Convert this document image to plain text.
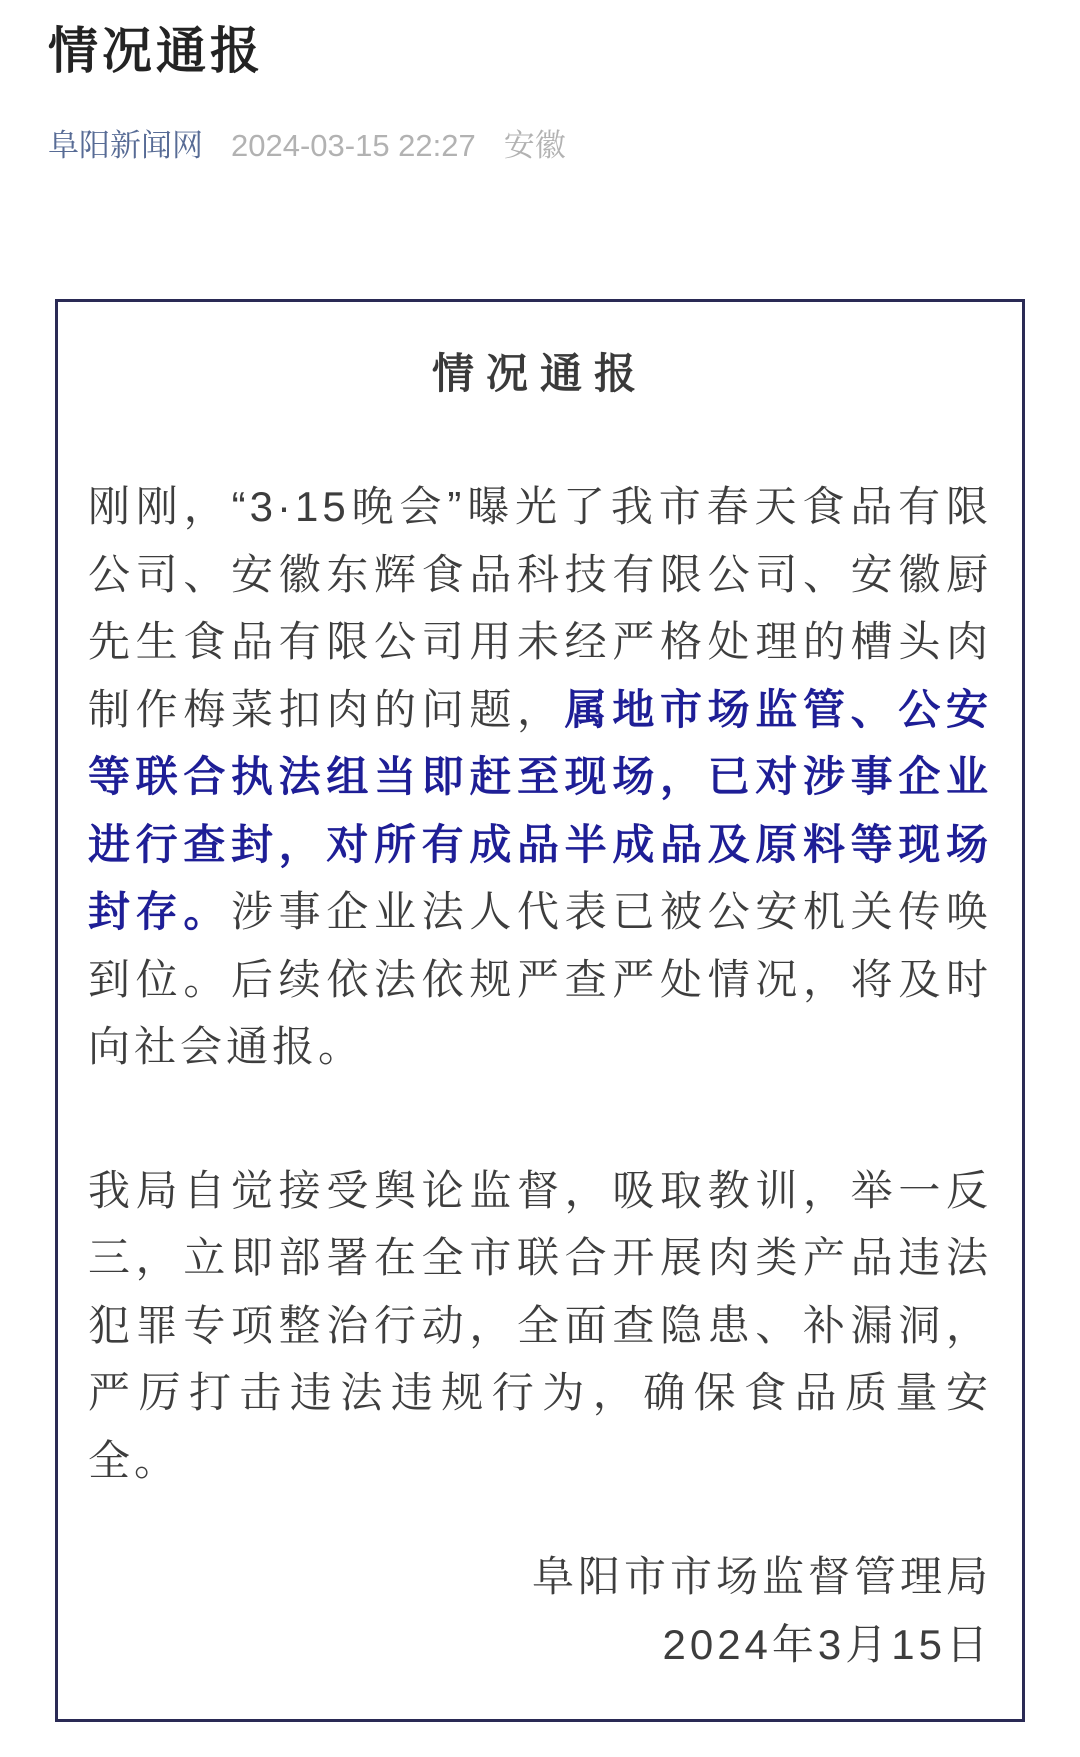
情况通报
阜阳新闻网 2024-03-15 22:27 安徽

情况通报

刚刚，“3·15晚会”曝光了我市春天食品有限公司、安徽东辉食品科技有限公司、安徽厨先生食品有限公司用未经严格处理的槽头肉制作梅菜扣肉的问题，属地市场监管、公安等联合执法组当即赶至现场，已对涉事企业进行查封，对所有成品半成品及原料等现场封存。涉事企业法人代表已被公安机关传唤到位。后续依法依规严查严处情况，将及时向社会通报。

我局自觉接受舆论监督，吸取教训，举一反三，立即部署在全市联合开展肉类产品违法犯罪专项整治行动，全面查隐患、补漏洞，严厉打击违法违规行为，确保食品质量安全。

阜阳市市场监督管理局
2024年3月15日
